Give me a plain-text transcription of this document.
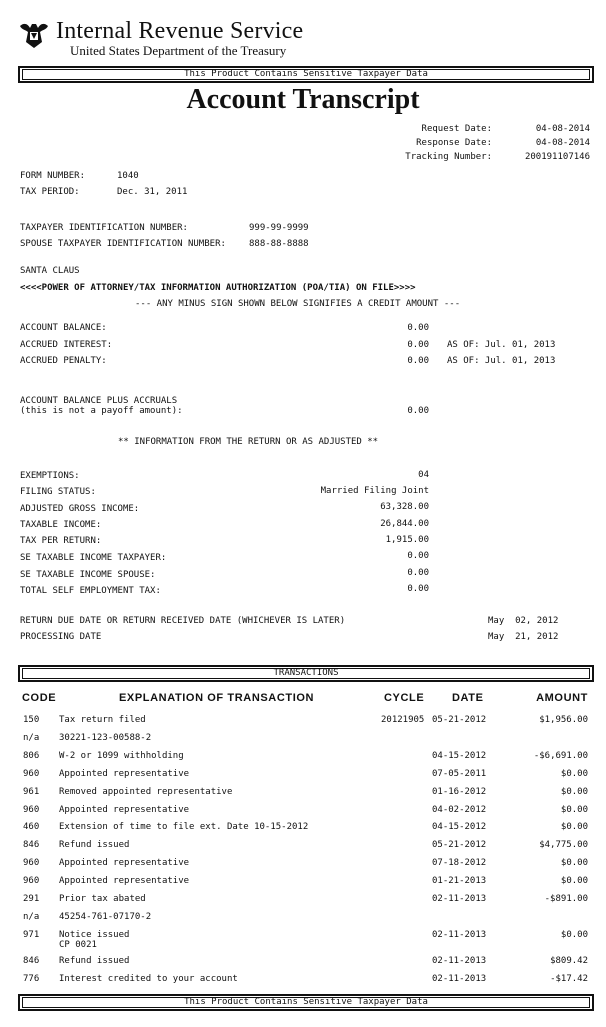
Internal Revenue Service
United States Department of the Treasury
This Product Contains Sensitive Taxpayer Data
Account Transcript
Request Date:	04-08-2014
Response Date:	04-08-2014
Tracking Number:	200191107146
FORM NUMBER:	1040
TAX PERIOD:	Dec. 31, 2011
TAXPAYER IDENTIFICATION NUMBER:	999-99-9999
SPOUSE TAXPAYER IDENTIFICATION NUMBER:	888-88-8888
SANTA CLAUS
<<<<POWER OF ATTORNEY/TAX INFORMATION AUTHORIZATION (POA/TIA) ON FILE>>>>
--- ANY MINUS SIGN SHOWN BELOW SIGNIFIES A CREDIT AMOUNT ---
ACCOUNT BALANCE:	0.00
ACCRUED INTEREST:	0.00 AS OF: Jul. 01, 2013
ACCRUED PENALTY:	0.00 AS OF: Jul. 01, 2013
ACCOUNT BALANCE PLUS ACCRUALS
(this is not a payoff amount):	0.00
** INFORMATION FROM THE RETURN OR AS ADJUSTED **
EXEMPTIONS:	04
FILING STATUS:	Married Filing Joint
ADJUSTED GROSS INCOME:	63,328.00
TAXABLE INCOME:	26,844.00
TAX PER RETURN:	1,915.00
SE TAXABLE INCOME TAXPAYER:	0.00
SE TAXABLE INCOME SPOUSE:	0.00
TOTAL SELF EMPLOYMENT TAX:	0.00
RETURN DUE DATE OR RETURN RECEIVED DATE (WHICHEVER IS LATER)	May  02, 2012
PROCESSING DATE	May  21, 2012
TRANSACTIONS
CODE	EXPLANATION OF TRANSACTION	CYCLE	DATE	AMOUNT
150 Tax return filed	20121905 05-21-2012	$1,956.00
n/a 30221-123-00588-2
806 W-2 or 1099 withholding	04-15-2012	-$6,691.00
960 Appointed representative	07-05-2011	$0.00
961 Removed appointed representative	01-16-2012	$0.00
960 Appointed representative	04-02-2012	$0.00
460 Extension of time to file ext. Date 10-15-2012	04-15-2012	$0.00
846 Refund issued	05-21-2012	$4,775.00
960 Appointed representative	07-18-2012	$0.00
960 Appointed representative	01-21-2013	$0.00
291 Prior tax abated	02-11-2013	-$891.00
n/a 45254-761-07170-2
971 Notice issued
CP 0021
02-11-2013	$0.00
846 Refund issued	02-11-2013	$809.42
776 Interest credited to your account	02-11-2013	-$17.42
This Product Contains Sensitive Taxpayer Data
